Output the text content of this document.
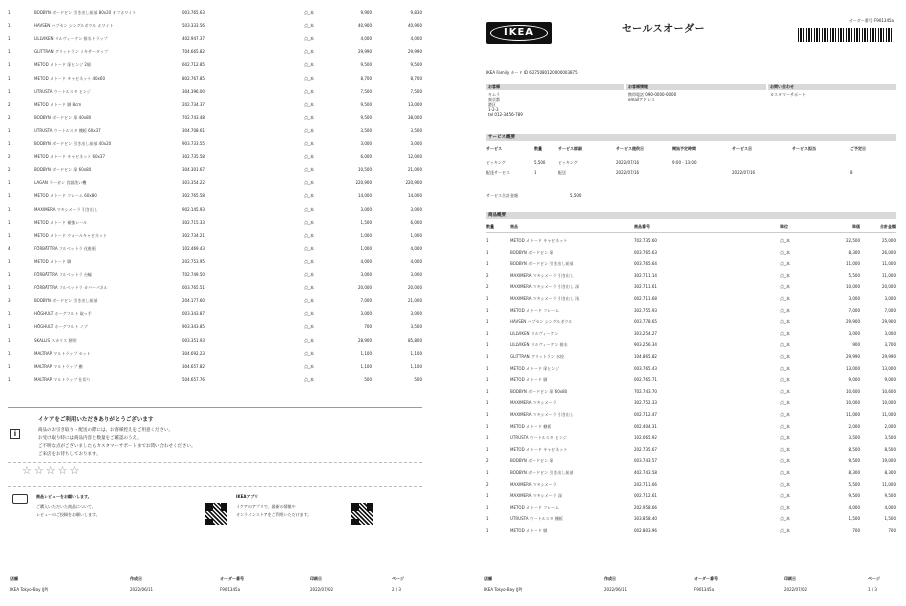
1	BODBYN ボードビン 引き出し前部 80x20 オフホワイト	003.765.63	点_本	9,900	9,830
1	HAVSEN ハブセン シングルボウル ホワイト	503.333.56	点_本	40,900	40,900
1	LILLVIKEN リルヴィーケン 排水トラップ	402.947.37	点_本	4,000	4,000
1	GLITTRAN グリットラン ミキサータップ	704.665.82	点_本	29,990	29,990
1	METOD メトード 扉ヒンジ 2個	602.712.85	点_本	9,500	9,500
1	METOD メトード キャビネット 40x60	802.767.85	点_本	8,700	8,700
1	UTRUSTA ウートルスタ ヒンジ	304.396.00	点_本	7,500	7,500
2	METOD メトード 脚 8cm	202.734.37	点_本	9,500	13,000
2	BODBYN ボードビン 扉 40x80	702.743.48	点_本	9,500	38,000
1	UTRUSTA ウートルスタ 棚板 60x37	304.708.61	点_本	3,500	3,500
1	BODBYN ボードビン 引き出し前部 40x20	903.733.55	点_本	3,000	3,000
2	METOD メトード キャビネット 60x37	302.735.58	点_本	6,000	12,000
2	BODBYN ボードビン 扉 60x80	304.301.67	点_本	10,500	21,000
1	LAGAN ラーガン 食器洗い機	303.354.22	点_本	220,900	220,900
1	METOD メトード フレーム 60x80	302.765.58	点_本	14,000	14,000
1	MAXIMERA マキシメーラ 引き出し	902.145.93	点_本	3,000	3,000
1	METOD メトード 補強レール	302.715.33	点_本	1,500	6,000
1	METOD メトード ウォールキャビネット	302.734.21	点_本	1,000	1,000
4	FÖRBÄTTRA フルベットラ 化粧板	102.469.43	点_本	1,000	4,000
1	METOD メトード 脚	202.753.95	点_本	4,000	4,000
1	FÖRBÄTTRA フルベットラ 台輪	702.749.50	点_本	3,000	3,000
1	FÖRBÄTTRA フルベットラ カバーパネル	003.765.51	点_本	20,000	20,000
3	BODBYN ボードビン 引き出し前部	204.177.60	点_本	7,000	21,000
1	HÖGHULT ホーグフルト 取っ手	003.343.87	点_本	3,000	3,000
1	HÖGHULT ホーグフルト ノブ	903.343.85	点_本	700	3,500
1	SKALLIS スカリス 照明	003.351.93	点_本	28,900	85,800
1	MALTRAP マルトラップ セット	304.692.23	点_本	1,100	1,100
1	MALTRAP マルトラップ 棚	304.657.82	点_本	1,100	1,100
1	MALTRAP マルトラップ 仕切り	504.657.76	点_本	500	500
イケアをご利用いただきありがとうございます
i	商品のお引き取り・配送の際には、お客様控えをご用意ください。
お受け取り時には商品内容と数量をご確認のうえ、
ご不明な点がございましたらカスタマーサポートまでお問い合わせください。
ご来店をお待ちしております。
☆☆☆☆☆
商品レビューをお願いします。
ご購入いただいた商品について、
レビューのご投稿をお願いします。
IKEAアプリ
イケアのアプリで、最新の情報や
オンラインストアをご利用いただけます。
店舗
IKEA Tokyo-Bay (JP)
作成日
2022/06/11
オーダー番号
F901345a
印刷日
2022/07/02
ページ
2 / 3
IKEA	セールスオーダー
オーダー番号 F901345a
IKEA Family カード ID 6275080120000003875
お客様	お客様情報	お問い合わせ
キムラ
東京都
港区
1-2-3
tel 012-3456-789
携帯電話 090-0000-0000
emailアドレス
カスタマーサポート
サービス概要
サービス	数量	サービス詳細	サービス提供日	開始予定時間	サービス日	サービス担当	ご予定日
ピッキング	5,500	ピッキング	2022/07/16	9:00 - 13:00
配達サービス	1	配送	2022/07/16	2022/07/16	8
サービス合計金額	5,500
商品概要
数量	商品	商品番号	単位	単価	合計金額
1	METOD メトード キャビネット	702.735.60	点_本	22,500	25,000
1	BODBYN ボードビン 扉	003.765.63	点_本	8,300	26,000
1	BODBYN ボードビン 引き出し前部	003.765.64	点_本	11,000	11,000
2	MAXIMERA マキシメーラ 引き出し	302.711.14	点_本	5,500	11,000
2	MAXIMERA マキシメーラ 引き出し 深	302.711.61	点_本	10,000	20,000
1	MAXIMERA マキシメーラ 引き出し 浅	002.711.68	点_本	3,000	3,000
1	METOD メトード フレーム	302.755.93	点_本	7,000	7,000
1	HAVSEN ハブセン シングルボウル	003.778.65	点_本	29,900	29,900
1	LILLVIKEN リルヴィーケン	303.254.27	点_本	3,000	3,000
1	LILLVIKEN リルヴィーケン 排水	903.256.34	点_本	900	3,700
1	GLITTRAN グリットラン 水栓	104.865.82	点_本	29,990	29,990
1	METOD メトード 扉ヒンジ	003.765.43	点_本	13,000	13,000
1	METOD メトード 脚	002.765.71	点_本	9,000	9,000
1	BODBYN ボードビン 扉 60x80	702.743.70	点_本	10,600	10,600
1	MAXIMERA マキシメーラ	302.752.33	点_本	10,000	10,000
1	MAXIMERA マキシメーラ 引き出し	002.712.47	点_本	11,000	11,000
1	METOD メトード 棚板	002.404.31	点_本	2,000	2,000
1	UTRUSTA ウートルスタ ヒンジ	102.065.92	点_本	3,500	3,500
1	METOD メトード キャビネット	202.735.67	点_本	8,500	8,500
2	BODBYN ボードビン 扉	003.743.57	点_本	9,500	19,000
1	BODBYN ボードビン 引き出し前部	402.743.58	点_本	8,300	8,300
2	MAXIMERA マキシメーラ	202.711.66	点_本	5,500	11,000
1	MAXIMERA マキシメーラ 深	002.712.61	点_本	9,500	9,500
1	METOD メトード フレーム	202.958.66	点_本	4,000	4,000
1	UTRUSTA ウートルスタ 棚板	303.858.40	点_本	1,500	1,500
1	METOD メトード 脚	002.803.96	点_本	700	700
店舗
IKEA Tokyo-Bay (JP)
作成日
2022/06/11
オーダー番号
F901345a
印刷日
2022/07/02
ページ
1 / 3
